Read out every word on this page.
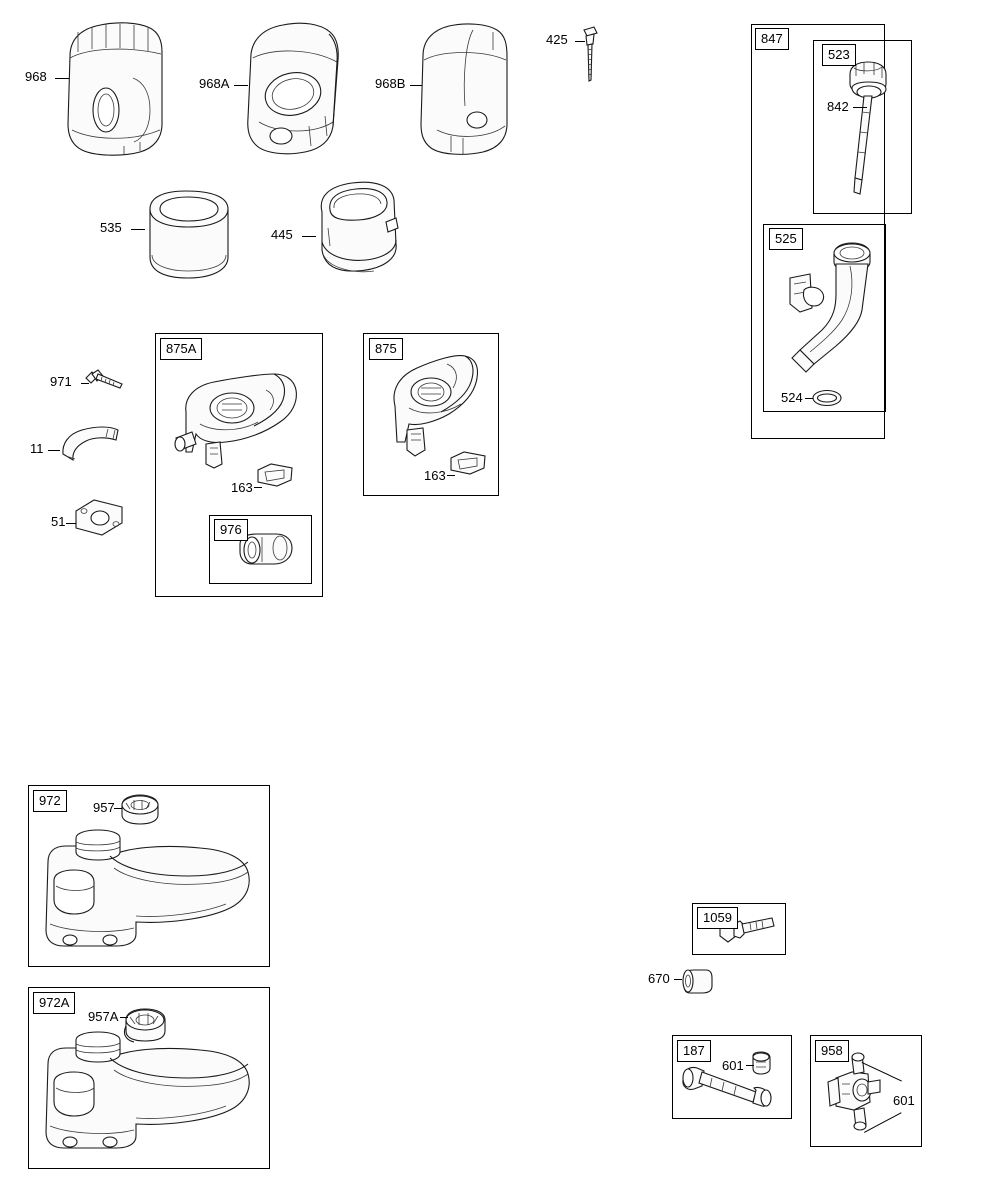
968	968A	968B
425
535	445
971
11
51
163
163
842
524
957
957A
670
601
601
847
523
525
875A	875
976
972
972A
1059
187	958
